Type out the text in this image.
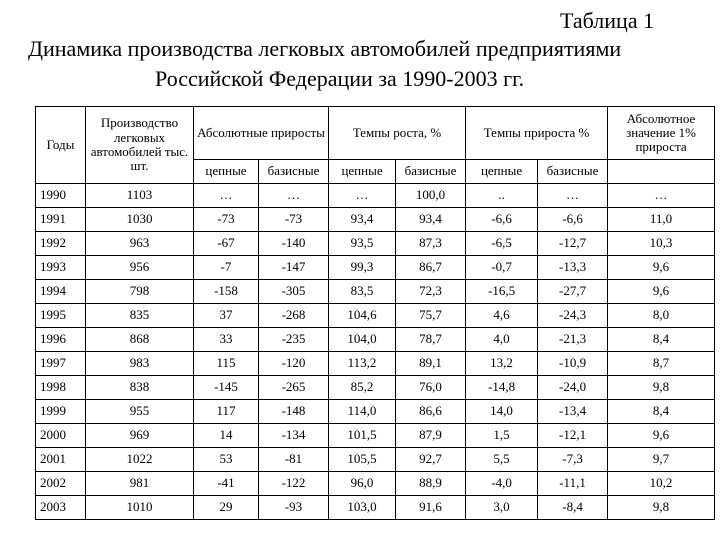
Таблица 1
Динамика производства легковых автомобилей предприятиями
Российской Федерации за 1990-2003 гг.
Годы	Производство легковых автомобилей тыс. шт.	Абсолютные приросты		Темпы роста, %		Темпы прироста %		Абсолютное значение 1% прироста
		цепные	базисные	цепные	базисные	цепные	базисные	
1990	1103	…	…	…	100,0	..	…	…
1991	1030	-73	-73	93,4	93,4	-6,6	-6,6	11,0
1992	963	-67	-140	93,5	87,3	-6,5	-12,7	10,3
1993	956	-7	-147	99,3	86,7	-0,7	-13,3	9,6
1994	798	-158	-305	83,5	72,3	-16,5	-27,7	9,6
1995	835	37	-268	104,6	75,7	4,6	-24,3	8,0
1996	868	33	-235	104,0	78,7	4,0	-21,3	8,4
1997	983	115	-120	113,2	89,1	13,2	-10,9	8,7
1998	838	-145	-265	85,2	76,0	-14,8	-24,0	9,8
1999	955	117	-148	114,0	86,6	14,0	-13,4	8,4
2000	969	14	-134	101,5	87,9	1,5	-12,1	9,6
2001	1022	53	-81	105,5	92,7	5,5	-7,3	9,7
2002	981	-41	-122	96,0	88,9	-4,0	-11,1	10,2
2003	1010	29	-93	103,0	91,6	3,0	-8,4	9,8
